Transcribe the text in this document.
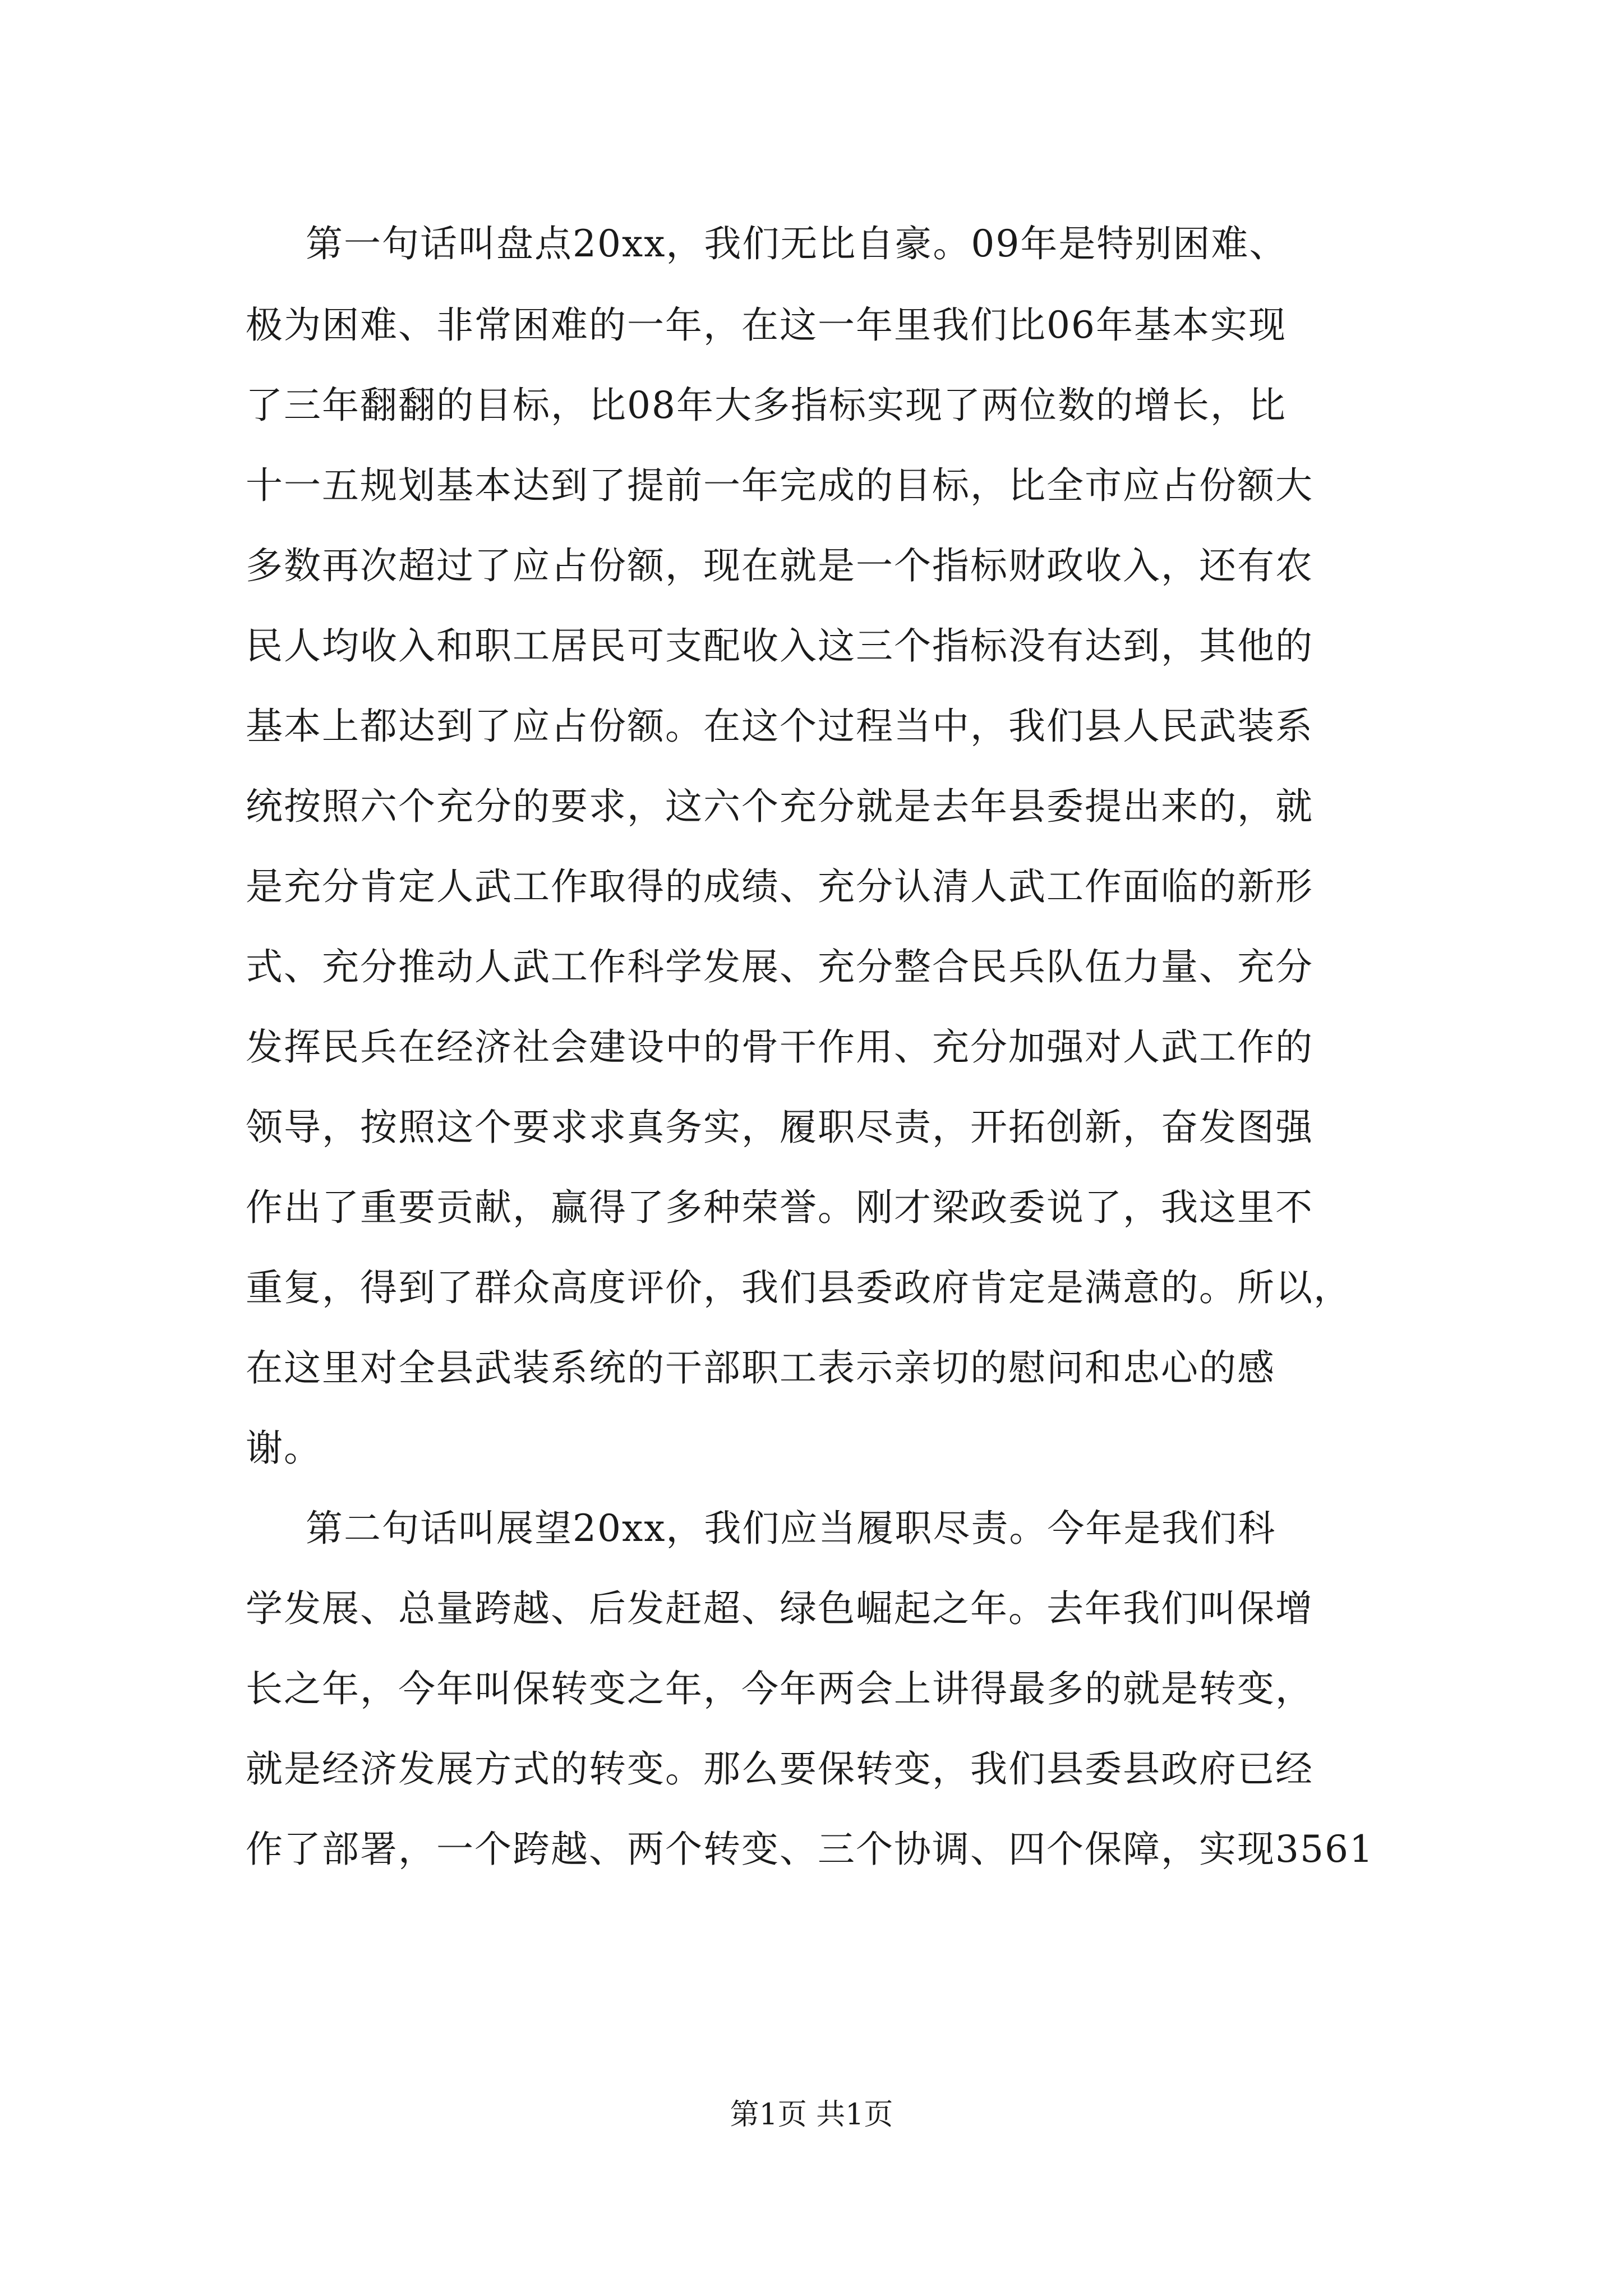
第一句话叫盘点20xx，我们无比自豪。09年是特别困难、
极为困难、非常困难的一年，在这一年里我们比06年基本实现
了三年翻翻的目标，比08年大多指标实现了两位数的增长，比
十一五规划基本达到了提前一年完成的目标，比全市应占份额大
多数再次超过了应占份额，现在就是一个指标财政收入，还有农
民人均收入和职工居民可支配收入这三个指标没有达到，其他的
基本上都达到了应占份额。在这个过程当中，我们县人民武装系
统按照六个充分的要求，这六个充分就是去年县委提出来的，就
是充分肯定人武工作取得的成绩、充分认清人武工作面临的新形
式、充分推动人武工作科学发展、充分整合民兵队伍力量、充分
发挥民兵在经济社会建设中的骨干作用、充分加强对人武工作的
领导，按照这个要求求真务实，履职尽责，开拓创新，奋发图强
作出了重要贡献，赢得了多种荣誉。刚才梁政委说了，我这里不
重复，得到了群众高度评价，我们县委政府肯定是满意的。所以，
在这里对全县武装系统的干部职工表示亲切的慰问和忠心的感
谢。
第二句话叫展望20xx，我们应当履职尽责。今年是我们科
学发展、总量跨越、后发赶超、绿色崛起之年。去年我们叫保增
长之年，今年叫保转变之年，今年两会上讲得最多的就是转变，
就是经济发展方式的转变。那么要保转变，我们县委县政府已经
作了部署，一个跨越、两个转变、三个协调、四个保障，实现3561
第1页 共1页
